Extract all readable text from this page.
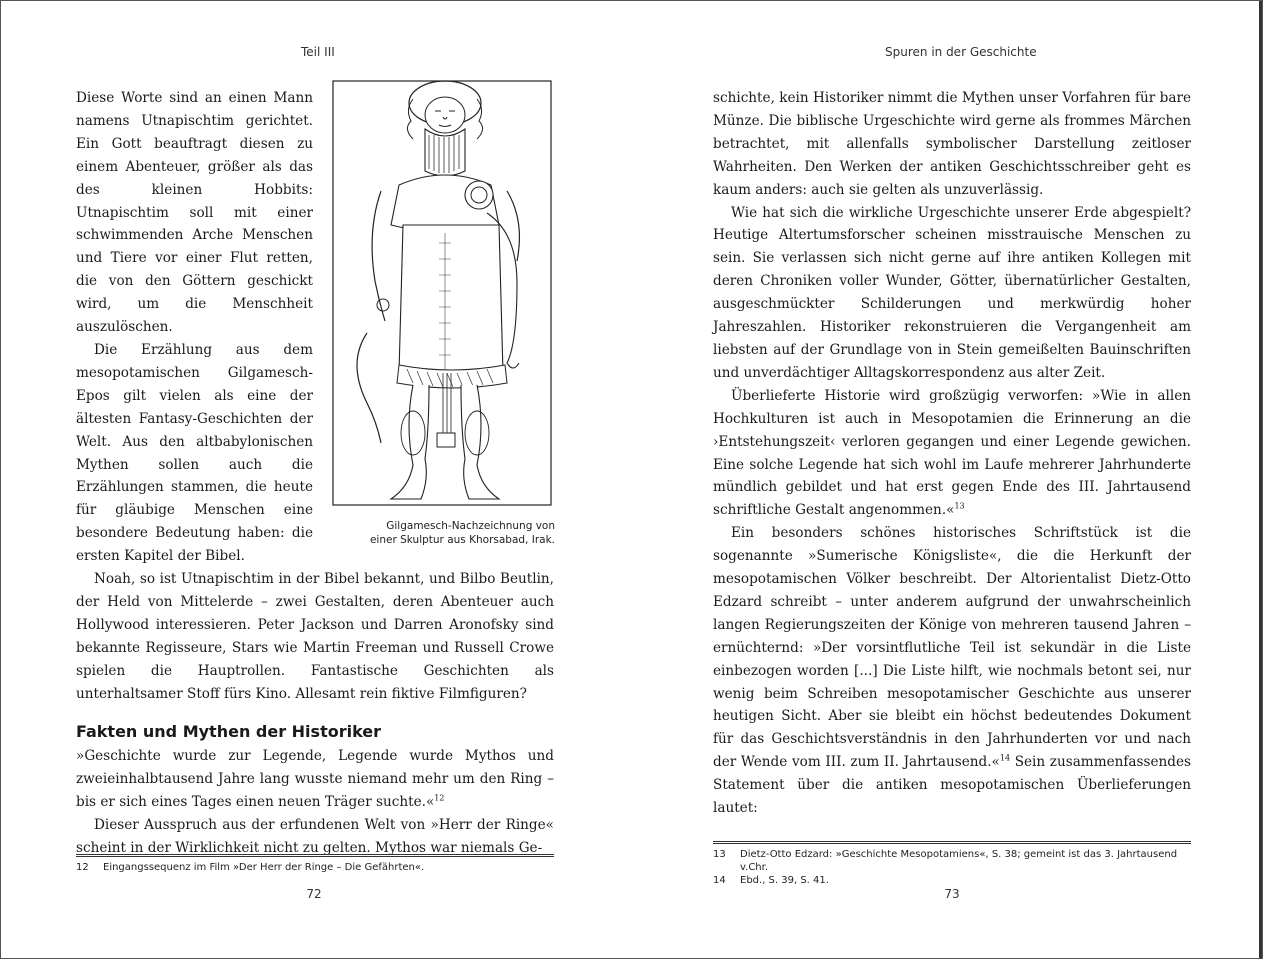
Teil III
Gilgamesch-Nachzeichnung von
einer Skulptur aus Khorsabad, Irak.

Diese Worte sind an einen Mann namens Utnapischtim gerichtet. Ein Gott beauftragt diesen zu einem Abenteuer, größer als das des kleinen Hobbits: Utnapischtim soll mit einer schwimmenden Arche Menschen und Tiere vor einer Flut retten, die von den Göttern geschickt wird, um die Menschheit auszulöschen.

Die Erzählung aus dem mesopotamischen Gilgamesch-Epos gilt vielen als eine der ältesten Fantasy-Geschichten der Welt. Aus den altbabylonischen Mythen sollen auch die Erzählungen stammen, die heute für gläubige Menschen eine besondere Bedeutung haben: die ersten Kapitel der Bibel.

Noah, so ist Utnapischtim in der Bibel bekannt, und Bilbo Beutlin, der Held von Mittelerde – zwei Gestalten, deren Abenteuer auch Hollywood interessieren. Peter Jackson und Darren Aronofsky sind bekannte Regisseure, Stars wie Martin Freeman und Russell Crowe spielen die Hauptrollen. Fantastische Geschichten als unterhaltsamer Stoff fürs Kino. Allesamt rein fiktive Filmfiguren?

Fakten und Mythen der Historiker

»Geschichte wurde zur Legende, Legende wurde Mythos und zweieinhalbtausend Jahre lang wusste niemand mehr um den Ring – bis er sich eines Tages einen neuen Träger suchte.«$^{12}$

Dieser Ausspruch aus der erfundenen Welt von »Herr der Ringe« scheint in der Wirklichkeit nicht zu gelten. Mythos war niemals Ge-

12	Eingangssequenz im Film »Der Herr der Ringe – Die Gefährten«.
72
Spuren in der Geschichte

schichte, kein Historiker nimmt die Mythen unser Vorfahren für bare Münze. Die biblische Urgeschichte wird gerne als frommes Märchen betrachtet, mit allenfalls symbolischer Darstellung zeitloser Wahrheiten. Den Werken der antiken Geschichtsschreiber geht es kaum anders: auch sie gelten als unzuverlässig.

Wie hat sich die wirkliche Urgeschichte unserer Erde abgespielt? Heutige Altertumsforscher scheinen misstrauische Menschen zu sein. Sie verlassen sich nicht gerne auf ihre antiken Kollegen mit deren Chroniken voller Wunder, Götter, übernatürlicher Gestalten, ausgeschmückter Schilderungen und merkwürdig hoher Jahreszahlen. Historiker rekonstruieren die Vergangenheit am liebsten auf der Grundlage von in Stein gemeißelten Bauinschriften und unverdächtiger Alltagskorrespondenz aus alter Zeit.

Überlieferte Historie wird großzügig verworfen: »Wie in allen Hochkulturen ist auch in Mesopotamien die Erinnerung an die ›Entstehungszeit‹ verloren gegangen und einer Legende gewichen. Eine solche Legende hat sich wohl im Laufe mehrerer Jahrhunderte mündlich gebildet und hat erst gegen Ende des III. Jahrtausend schriftliche Gestalt angenommen.«$^{13}$

Ein besonders schönes historisches Schriftstück ist die sogenannte »Sumerische Königsliste«, die die Herkunft der mesopotamischen Völker beschreibt. Der Altorientalist Dietz-Otto Edzard schreibt – unter anderem aufgrund der unwahrscheinlich langen Regierungszeiten der Könige von mehreren tausend Jahren – ernüchternd: »Der vorsintflutliche Teil ist sekundär in die Liste einbezogen worden [...] Die Liste hilft, wie nochmals betont sei, nur wenig beim Schreiben mesopotamischer Geschichte aus unserer heutigen Sicht. Aber sie bleibt ein höchst bedeutendes Dokument für das Geschichtsverständnis in den Jahrhunderten vor und nach der Wende vom III. zum II. Jahrtausend.«$^{14}$ Sein zusammenfassendes Statement über die antiken mesopotamischen Überlieferungen lautet:

13	Dietz-Otto Edzard: »Geschichte Mesopotamiens«, S. 38; gemeint ist das 3. Jahrtausend v.Chr.
14	Ebd., S. 39, S. 41.
73
